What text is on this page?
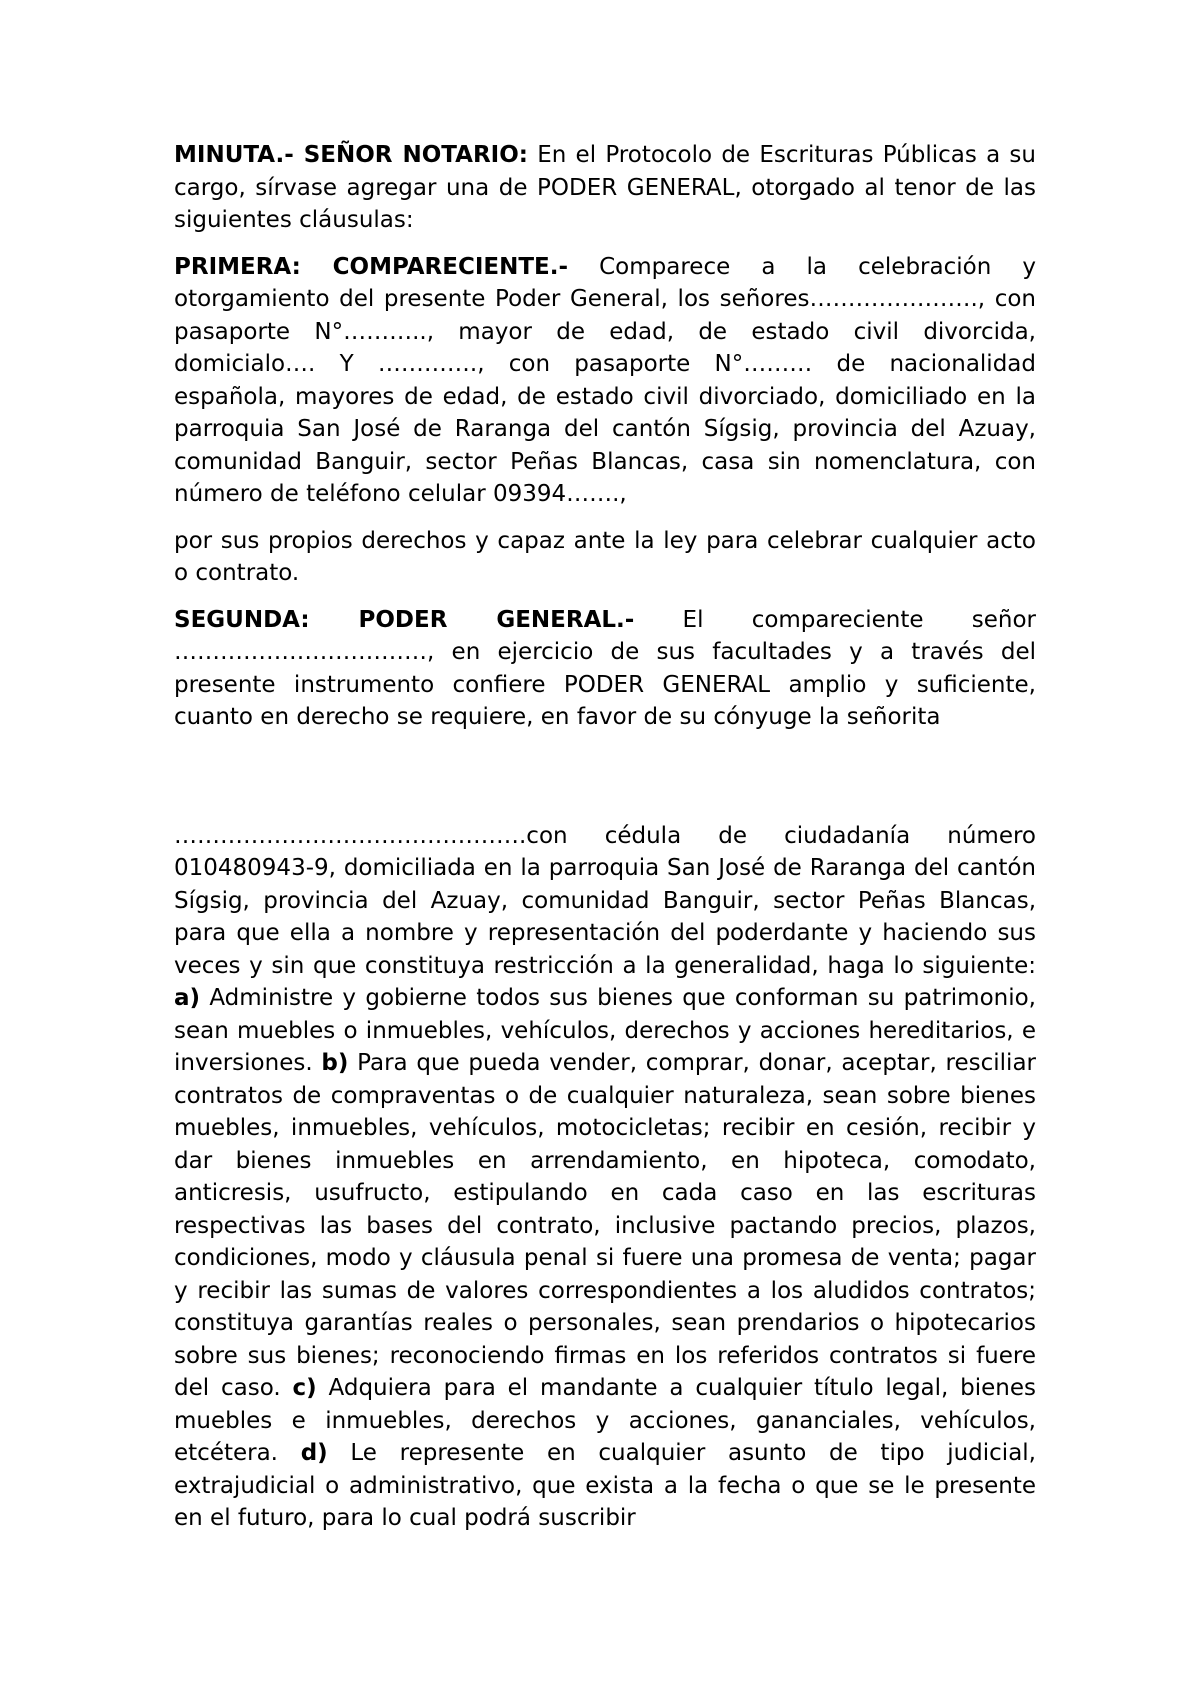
MINUTA.- SEÑOR NOTARIO: En el Protocolo de Escrituras Públicas a su cargo, sírvase agregar una de PODER GENERAL, otorgado al tenor de las siguientes cláusulas:

PRIMERA: COMPARECIENTE.- Comparece a la celebración y otorgamiento del presente Poder General, los señores…………………., con pasaporte N°……….., mayor de edad, de estado civil divorcida, domicialo…. Y …………., con pasaporte N°……… de nacionalidad española, mayores de edad, de estado civil divorciado, domiciliado en la parroquia San José de Raranga del cantón Sígsig, provincia del Azuay, comunidad Banguir, sector Peñas Blancas, casa sin nomenclatura, con número de teléfono celular 09394…….,

por sus propios derechos y capaz ante la ley para celebrar cualquier acto o contrato.

SEGUNDA: PODER GENERAL.- El compareciente señor ……………………………, en ejercicio de sus facultades y a través del presente instrumento confiere PODER GENERAL amplio y suficiente, cuanto en derecho se requiere, en favor de su cónyuge la señorita

……………………………………….con cédula de ciudadanía número 010480943-9, domiciliada en la parroquia San José de Raranga del cantón Sígsig, provincia del Azuay, comunidad Banguir, sector Peñas Blancas, para que ella a nombre y representación del poderdante y haciendo sus veces y sin que constituya restricción a la generalidad, haga lo siguiente: a) Administre y gobierne todos sus bienes que conforman su patrimonio, sean muebles o inmuebles, vehículos, derechos y acciones hereditarios, e inversiones. b) Para que pueda vender, comprar, donar, aceptar, resciliar contratos de compraventas o de cualquier naturaleza, sean sobre bienes muebles, inmuebles, vehículos, motocicletas; recibir en cesión, recibir y dar bienes inmuebles en arrendamiento, en hipoteca, comodato, anticresis, usufructo, estipulando en cada caso en las escrituras respectivas las bases del contrato, inclusive pactando precios, plazos, condiciones, modo y cláusula penal si fuere una promesa de venta; pagar y recibir las sumas de valores correspondientes a los aludidos contratos; constituya garantías reales o personales, sean prendarios o hipotecarios sobre sus bienes; reconociendo firmas en los referidos contratos si fuere del caso. c) Adquiera para el mandante a cualquier título legal, bienes muebles e inmuebles, derechos y acciones, gananciales, vehículos, etcétera. d) Le represente en cualquier asunto de tipo judicial, extrajudicial o administrativo, que exista a la fecha o que se le presente en el futuro, para lo cual podrá suscribir
